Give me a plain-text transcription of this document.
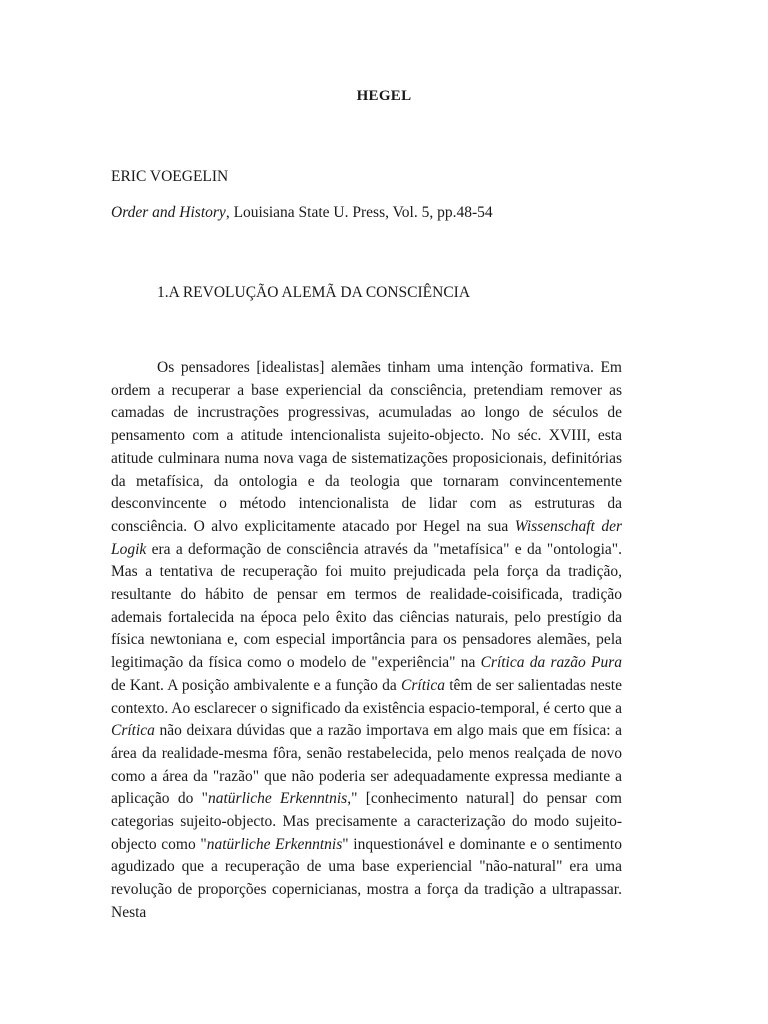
HEGEL
ERIC VOEGELIN
Order and History, Louisiana State U. Press, Vol. 5, pp.48-54
1.A REVOLUÇÃO ALEMÃ DA CONSCIÊNCIA

Os pensadores [idealistas] alemães tinham uma intenção formativa. Em ordem a recuperar a base experiencial da consciência, pretendiam remover as camadas de incrustrações progressivas, acumuladas ao longo de séculos de pensamento com a atitude intencionalista sujeito-objecto. No séc. XVIII, esta atitude culminara numa nova vaga de sistematizações proposicionais, definitórias da metafísica, da ontologia e da teologia que tornaram convincentemente desconvincente o método intencionalista de lidar com as estruturas da consciência. O alvo explicitamente atacado por Hegel na sua Wissenschaft der Logik era a deformação de consciência através da "metafísica" e da "ontologia". Mas a tentativa de recuperação foi muito prejudicada pela força da tradição, resultante do hábito de pensar em termos de realidade-coisificada, tradição ademais fortalecida na época pelo êxito das ciências naturais, pelo prestígio da física newtoniana e, com especial importância para os pensadores alemães, pela legitimação da física como o modelo de "experiência" na Crítica da razão Pura de Kant. A posição ambivalente e a função da Crítica têm de ser salientadas neste contexto. Ao esclarecer o significado da existência espacio-temporal, é certo que a Crítica não deixara dúvidas que a razão importava em algo mais que em física: a área da realidade-mesma fôra, senão restabelecida, pelo menos realçada de novo como a área da "razão" que não poderia ser adequadamente expressa mediante a aplicação do "natürliche Erkenntnis," [conhecimento natural] do pensar com categorias sujeito-objecto. Mas precisamente a caracterização do modo sujeito-objecto como "natürliche Erkenntnis" inquestionável e dominante e o sentimento agudizado que a recuperação de uma base experiencial "não-natural" era uma revolução de proporções copernicianas, mostra a força da tradição a ultrapassar. Nesta
